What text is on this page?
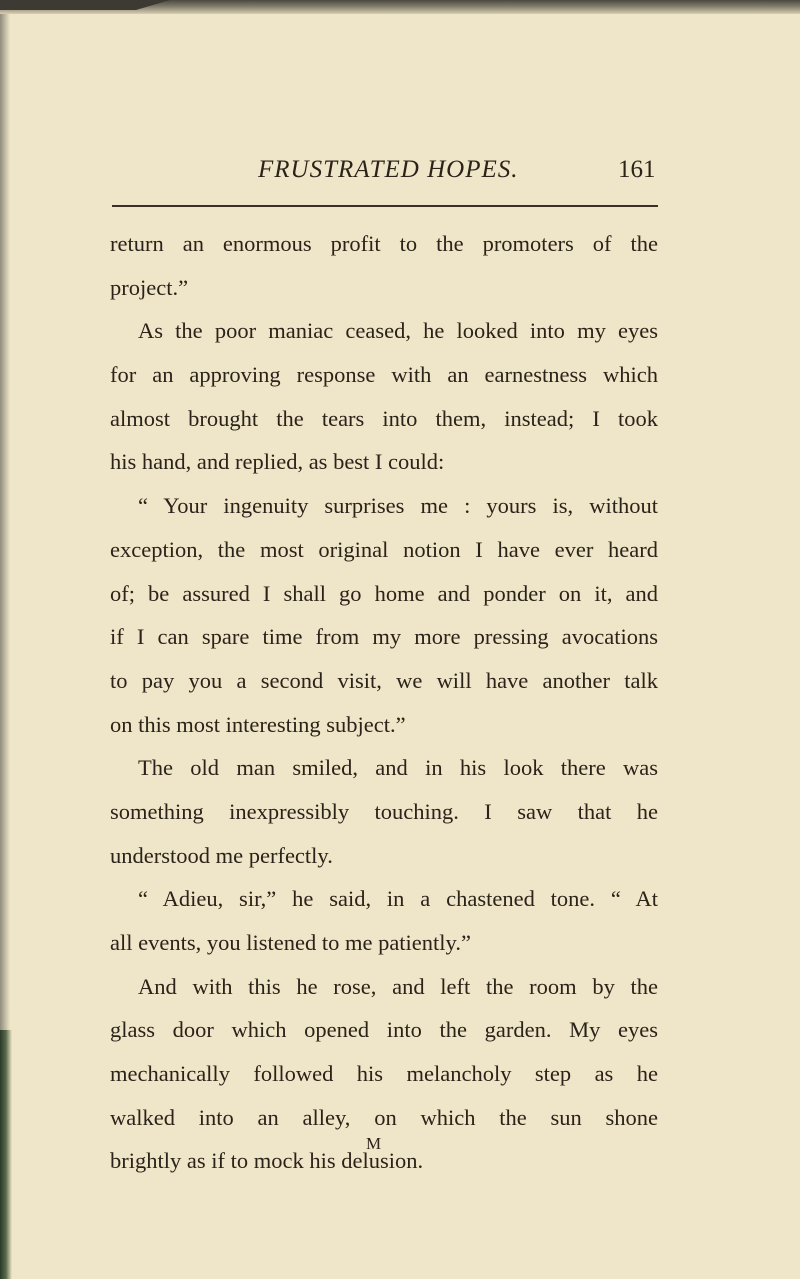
FRUSTRATED HOPES.	161
return an enormous profit to the promoters of the
project.”
As the poor maniac ceased, he looked into my eyes
for an approving response with an earnestness which
almost brought the tears into them, instead; I took
his hand, and replied, as best I could:
“ Your ingenuity surprises me : yours is, without
exception, the most original notion I have ever heard
of; be assured I shall go home and ponder on it, and
if I can spare time from my more pressing avocations
to pay you a second visit, we will have another talk
on this most interesting subject.”
The old man smiled, and in his look there was
something inexpressibly touching. I saw that he
understood me perfectly.
“ Adieu, sir,” he said, in a chastened tone. “ At
all events, you listened to me patiently.”
And with this he rose, and left the room by the
glass door which opened into the garden. My eyes
mechanically followed his melancholy step as he
walked into an alley, on which the sun shone
brightly as if to mock his delusion.
M
